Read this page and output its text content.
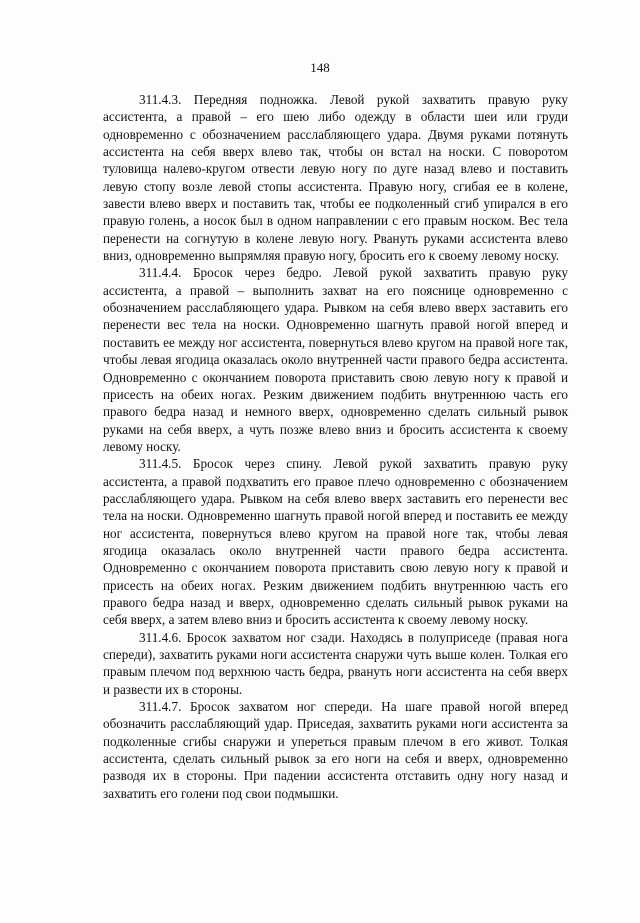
148

311.4.3. Передняя подножка. Левой рукой захватить правую руку ассистента, а правой – его шею либо одежду в области шеи или груди одновременно с обозначением расслабляющего удара. Двумя руками потянуть ассистента на себя вверх влево так, чтобы он встал на носки. С поворотом туловища налево-кругом отвести левую ногу по дуге назад влево и поставить левую стопу возле левой стопы ассистента. Правую ногу, сгибая ее в колене, завести влево вверх и поставить так, чтобы ее подколенный сгиб упирался в его правую голень, а носок был в одном направлении с его правым носком. Вес тела перенести на согнутую в колене левую ногу. Рвануть руками ассистента влево вниз, одновременно выпрямляя правую ногу, бросить его к своему левому носку.

311.4.4. Бросок через бедро. Левой рукой захватить правую руку ассистента, а правой – выполнить захват на его пояснице одновременно с обозначением расслабляющего удара. Рывком на себя влево вверх заставить его перенести вес тела на носки. Одновременно шагнуть правой ногой вперед и поставить ее между ног ассистента, повернуться влево кругом на правой ноге так, чтобы левая ягодица оказалась около внутренней части правого бедра ассистента. Одновременно с окончанием поворота приставить свою левую ногу к правой и присесть на обеих ногах. Резким движением подбить внутреннюю часть его правого бедра назад и немного вверх, одновременно сделать сильный рывок руками на себя вверх, а чуть позже влево вниз и бросить ассистента к своему левому носку.

311.4.5. Бросок через спину. Левой рукой захватить правую руку ассистента, а правой подхватить его правое плечо одновременно с обозначением расслабляющего удара. Рывком на себя влево вверх заставить его перенести вес тела на носки. Одновременно шагнуть правой ногой вперед и поставить ее между ног ассистента, повернуться влево кругом на правой ноге так, чтобы левая ягодица оказалась около внутренней части правого бедра ассистента. Одновременно с окончанием поворота приставить свою левую ногу к правой и присесть на обеих ногах. Резким движением подбить внутреннюю часть его правого бедра назад и вверх, одновременно сделать сильный рывок руками на себя вверх, а затем влево вниз и бросить ассистента к своему левому носку.

311.4.6. Бросок захватом ног сзади. Находясь в полуприседе (правая нога спереди), захватить руками ноги ассистента снаружи чуть выше колен. Толкая его правым плечом под верхнюю часть бедра, рвануть ноги ассистента на себя вверх и развести их в стороны.

311.4.7. Бросок захватом ног спереди. На шаге правой ногой вперед обозначить расслабляющий удар. Приседая, захватить руками ноги ассистента за подколенные сгибы снаружи и упереться правым плечом в его живот. Толкая ассистента, сделать сильный рывок за его ноги на себя и вверх, одновременно разводя их в стороны. При падении ассистента отставить одну ногу назад и захватить его голени под свои подмышки.
